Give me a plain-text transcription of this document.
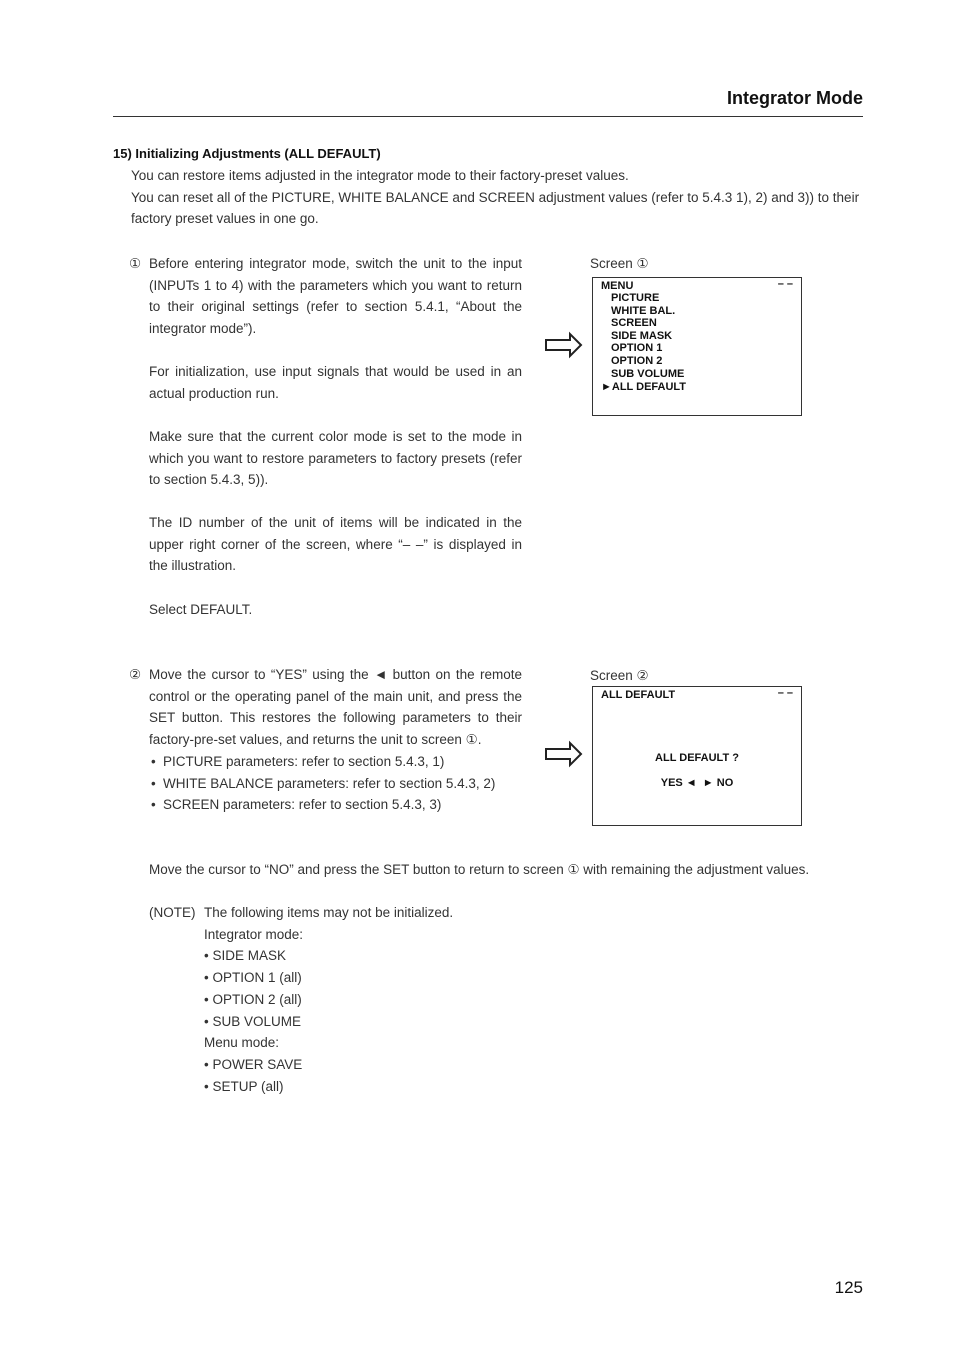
Integrator Mode
15) Initializing Adjustments (ALL DEFAULT)
You can restore items adjusted in the integrator mode to their factory-preset values.
You can reset all of the PICTURE, WHITE BALANCE and SCREEN adjustment values (refer to 5.4.3 1), 2) and 3)) to their factory preset values in one go.
① Before entering integrator mode, switch the unit to the input (INPUTs 1 to 4) with the parameters which you want to return to their original settings (refer to section 5.4.1, “About the integrator mode”).
For initialization, use input signals that would be used in an actual production run.
Make sure that the current color mode is set to the mode in which you want to restore parameters to factory presets (refer to section 5.4.3, 5)).
The ID number of the unit of items will be indicated in the upper right corner of the screen, where “– –” is displayed in the illustration.
Select DEFAULT.
Screen ①
MENU	– –
PICTURE
WHITE BAL.
SCREEN
SIDE MASK
OPTION 1
OPTION 2
SUB VOLUME
►ALL DEFAULT
② Move the cursor to “YES” using the ◄ button on the remote control or the operating panel of the main unit, and press the SET button. This restores the following parameters to their factory-pre-set values, and returns the unit to screen ①.
• PICTURE parameters: refer to section 5.4.3, 1)
• WHITE BALANCE parameters: refer to section 5.4.3, 2)
• SCREEN parameters: refer to section 5.4.3, 3)
Screen ②
ALL DEFAULT	– –
ALL DEFAULT ?
YES ◄  ► NO
Move the cursor to “NO” and press the SET button to return to screen ① with remaining the adjustment values.
(NOTE) The following items may not be initialized.
Integrator mode:
• SIDE MASK
• OPTION 1 (all)
• OPTION 2 (all)
• SUB VOLUME
Menu mode:
• POWER SAVE
• SETUP (all)
125
